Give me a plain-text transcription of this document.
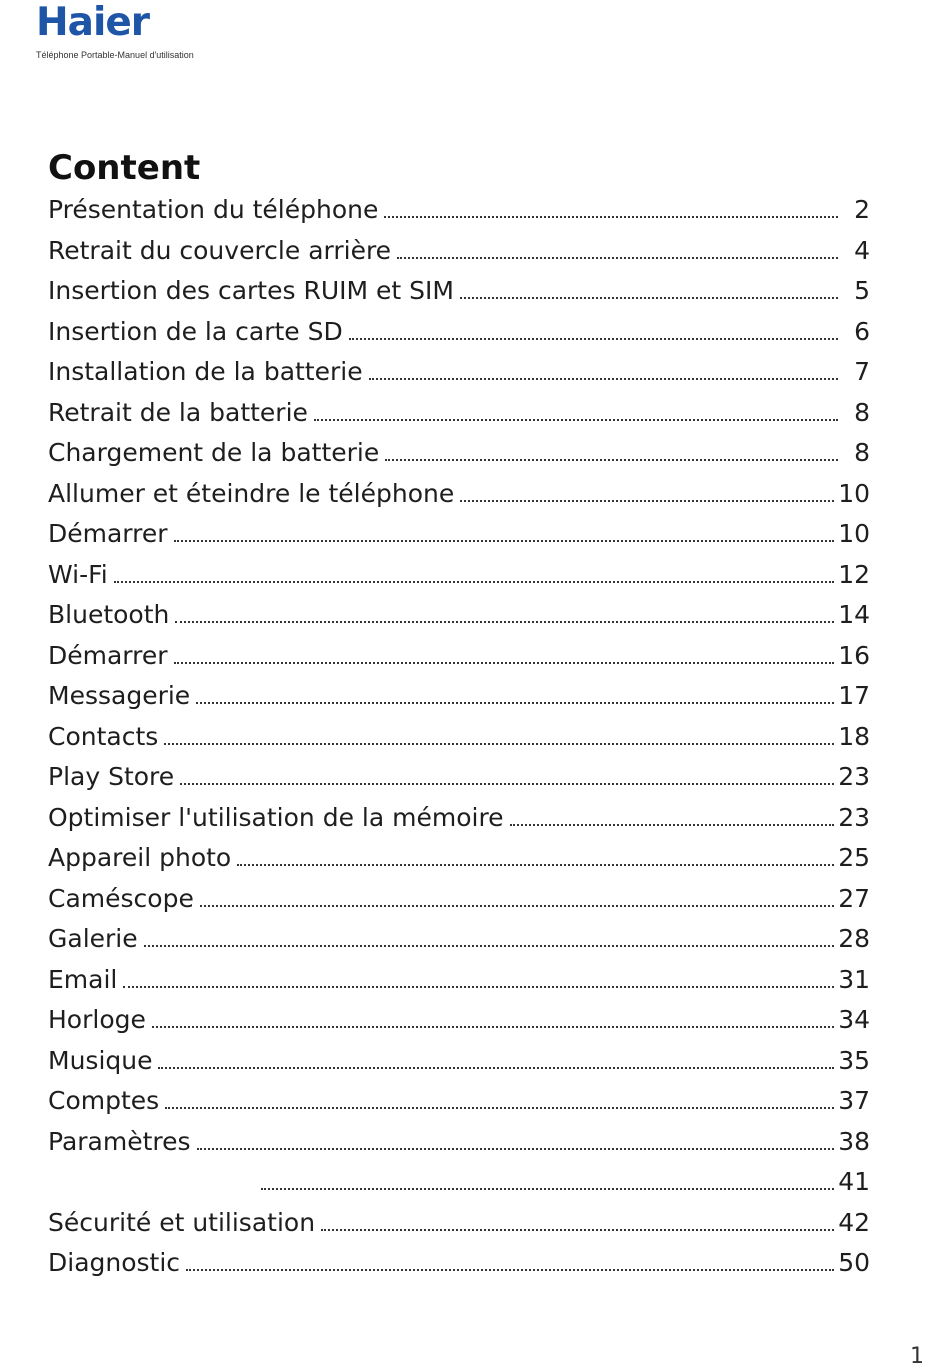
Haier
Téléphone Portable-Manuel d'utilisation
Content
Présentation du téléphone	2
Retrait du couvercle arrière	4
Insertion des cartes RUIM et SIM	5
Insertion de la carte SD	6
Installation de la batterie	7
Retrait de la batterie	8
Chargement de la batterie	8
Allumer et éteindre le téléphone	10
Démarrer	10
Wi-Fi	12
Bluetooth	14
Démarrer	16
Messagerie	17
Contacts	18
Play Store	23
Optimiser l'utilisation de la mémoire	23
Appareil photo	25
Caméscope	27
Galerie	28
Email	31
Horloge	34
Musique	35
Comptes	37
Paramètres	38
41
Sécurité et utilisation	42
Diagnostic	50
1
